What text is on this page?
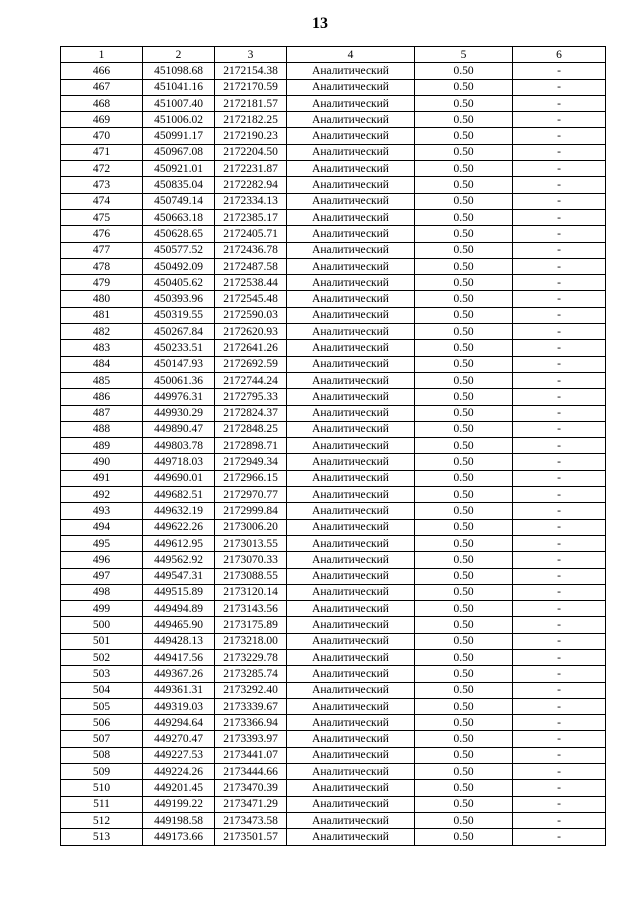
13
1	2	3	4	5	6
466	451098.68	2172154.38	Аналитический	0.50	-
467	451041.16	2172170.59	Аналитический	0.50	-
468	451007.40	2172181.57	Аналитический	0.50	-
469	451006.02	2172182.25	Аналитический	0.50	-
470	450991.17	2172190.23	Аналитический	0.50	-
471	450967.08	2172204.50	Аналитический	0.50	-
472	450921.01	2172231.87	Аналитический	0.50	-
473	450835.04	2172282.94	Аналитический	0.50	-
474	450749.14	2172334.13	Аналитический	0.50	-
475	450663.18	2172385.17	Аналитический	0.50	-
476	450628.65	2172405.71	Аналитический	0.50	-
477	450577.52	2172436.78	Аналитический	0.50	-
478	450492.09	2172487.58	Аналитический	0.50	-
479	450405.62	2172538.44	Аналитический	0.50	-
480	450393.96	2172545.48	Аналитический	0.50	-
481	450319.55	2172590.03	Аналитический	0.50	-
482	450267.84	2172620.93	Аналитический	0.50	-
483	450233.51	2172641.26	Аналитический	0.50	-
484	450147.93	2172692.59	Аналитический	0.50	-
485	450061.36	2172744.24	Аналитический	0.50	-
486	449976.31	2172795.33	Аналитический	0.50	-
487	449930.29	2172824.37	Аналитический	0.50	-
488	449890.47	2172848.25	Аналитический	0.50	-
489	449803.78	2172898.71	Аналитический	0.50	-
490	449718.03	2172949.34	Аналитический	0.50	-
491	449690.01	2172966.15	Аналитический	0.50	-
492	449682.51	2172970.77	Аналитический	0.50	-
493	449632.19	2172999.84	Аналитический	0.50	-
494	449622.26	2173006.20	Аналитический	0.50	-
495	449612.95	2173013.55	Аналитический	0.50	-
496	449562.92	2173070.33	Аналитический	0.50	-
497	449547.31	2173088.55	Аналитический	0.50	-
498	449515.89	2173120.14	Аналитический	0.50	-
499	449494.89	2173143.56	Аналитический	0.50	-
500	449465.90	2173175.89	Аналитический	0.50	-
501	449428.13	2173218.00	Аналитический	0.50	-
502	449417.56	2173229.78	Аналитический	0.50	-
503	449367.26	2173285.74	Аналитический	0.50	-
504	449361.31	2173292.40	Аналитический	0.50	-
505	449319.03	2173339.67	Аналитический	0.50	-
506	449294.64	2173366.94	Аналитический	0.50	-
507	449270.47	2173393.97	Аналитический	0.50	-
508	449227.53	2173441.07	Аналитический	0.50	-
509	449224.26	2173444.66	Аналитический	0.50	-
510	449201.45	2173470.39	Аналитический	0.50	-
511	449199.22	2173471.29	Аналитический	0.50	-
512	449198.58	2173473.58	Аналитический	0.50	-
513	449173.66	2173501.57	Аналитический	0.50	-
